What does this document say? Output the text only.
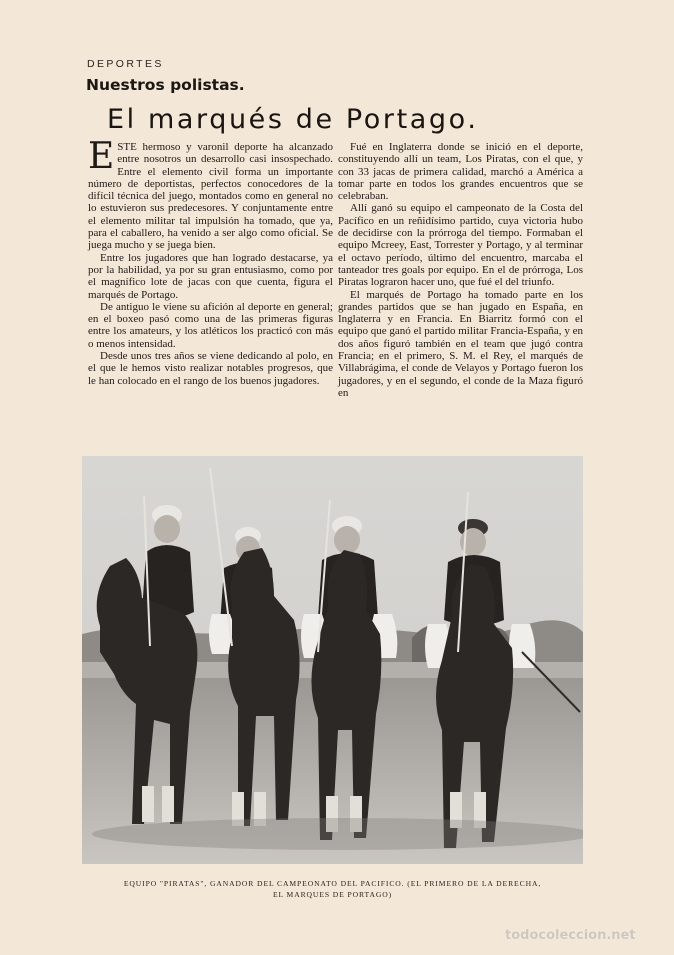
DEPORTES
Nuestros polistas.
El marqués de Portago.

ESTE hermoso y varonil deporte ha alcanzado entre nosotros un desarrollo casi insospechado. Entre el elemento civil forma un importante número de deportistas, perfectos conocedores de la difícil técnica del juego, montados como en general no lo estuvieron sus predecesores. Y conjuntamente entre el elemento militar tal impulsión ha tomado, que ya, para el caballero, ha venido a ser algo como oficial. Se juega mucho y se juega bien.

Entre los jugadores que han logrado destacarse, ya por la habilidad, ya por su gran entusiasmo, como por el magnífico lote de jacas con que cuenta, figura el marqués de Portago.

De antiguo le viene su afición al deporte en general; en el boxeo pasó como una de las primeras figuras entre los amateurs, y los atléticos los practicó con más o menos intensidad.

Desde unos tres años se viene dedicando al polo, en el que le hemos visto realizar notables progresos, que le han colocado en el rango de los buenos jugadores.

Fué en Inglaterra donde se inició en el deporte, constituyendo allí un team, Los Piratas, con el que, y con 33 jacas de primera calidad, marchó a América a tomar parte en todos los grandes encuentros que se celebraban.

Allí ganó su equipo el campeonato de la Costa del Pacífico en un reñidísimo partido, cuya victoria hubo de decidirse con la prórroga del tiempo. Formaban el equipo Mcreey, East, Torrester y Portago, y al terminar el octavo período, último del encuentro, marcaba el tanteador tres goals por equipo. En el de prórroga, Los Piratas lograron hacer uno, que fué el del triunfo.

El marqués de Portago ha tomado parte en los grandes partidos que se han jugado en España, en Inglaterra y en Francia. En Biarritz formó con el equipo que ganó el partido militar Francia-España, y en dos años figuró también en el team que jugó contra Francia; en el primero, S. M. el Rey, el marqués de Villabrágima, el conde de Velayos y Portago fueron los jugadores, y en el segundo, el conde de la Maza figuró en

EQUIPO "PIRATAS", GANADOR DEL CAMPEONATO DEL PACIFICO. (EL PRIMERO DE LA DERECHA,
EL MARQUES DE PORTAGO)
todocoleccion.net
